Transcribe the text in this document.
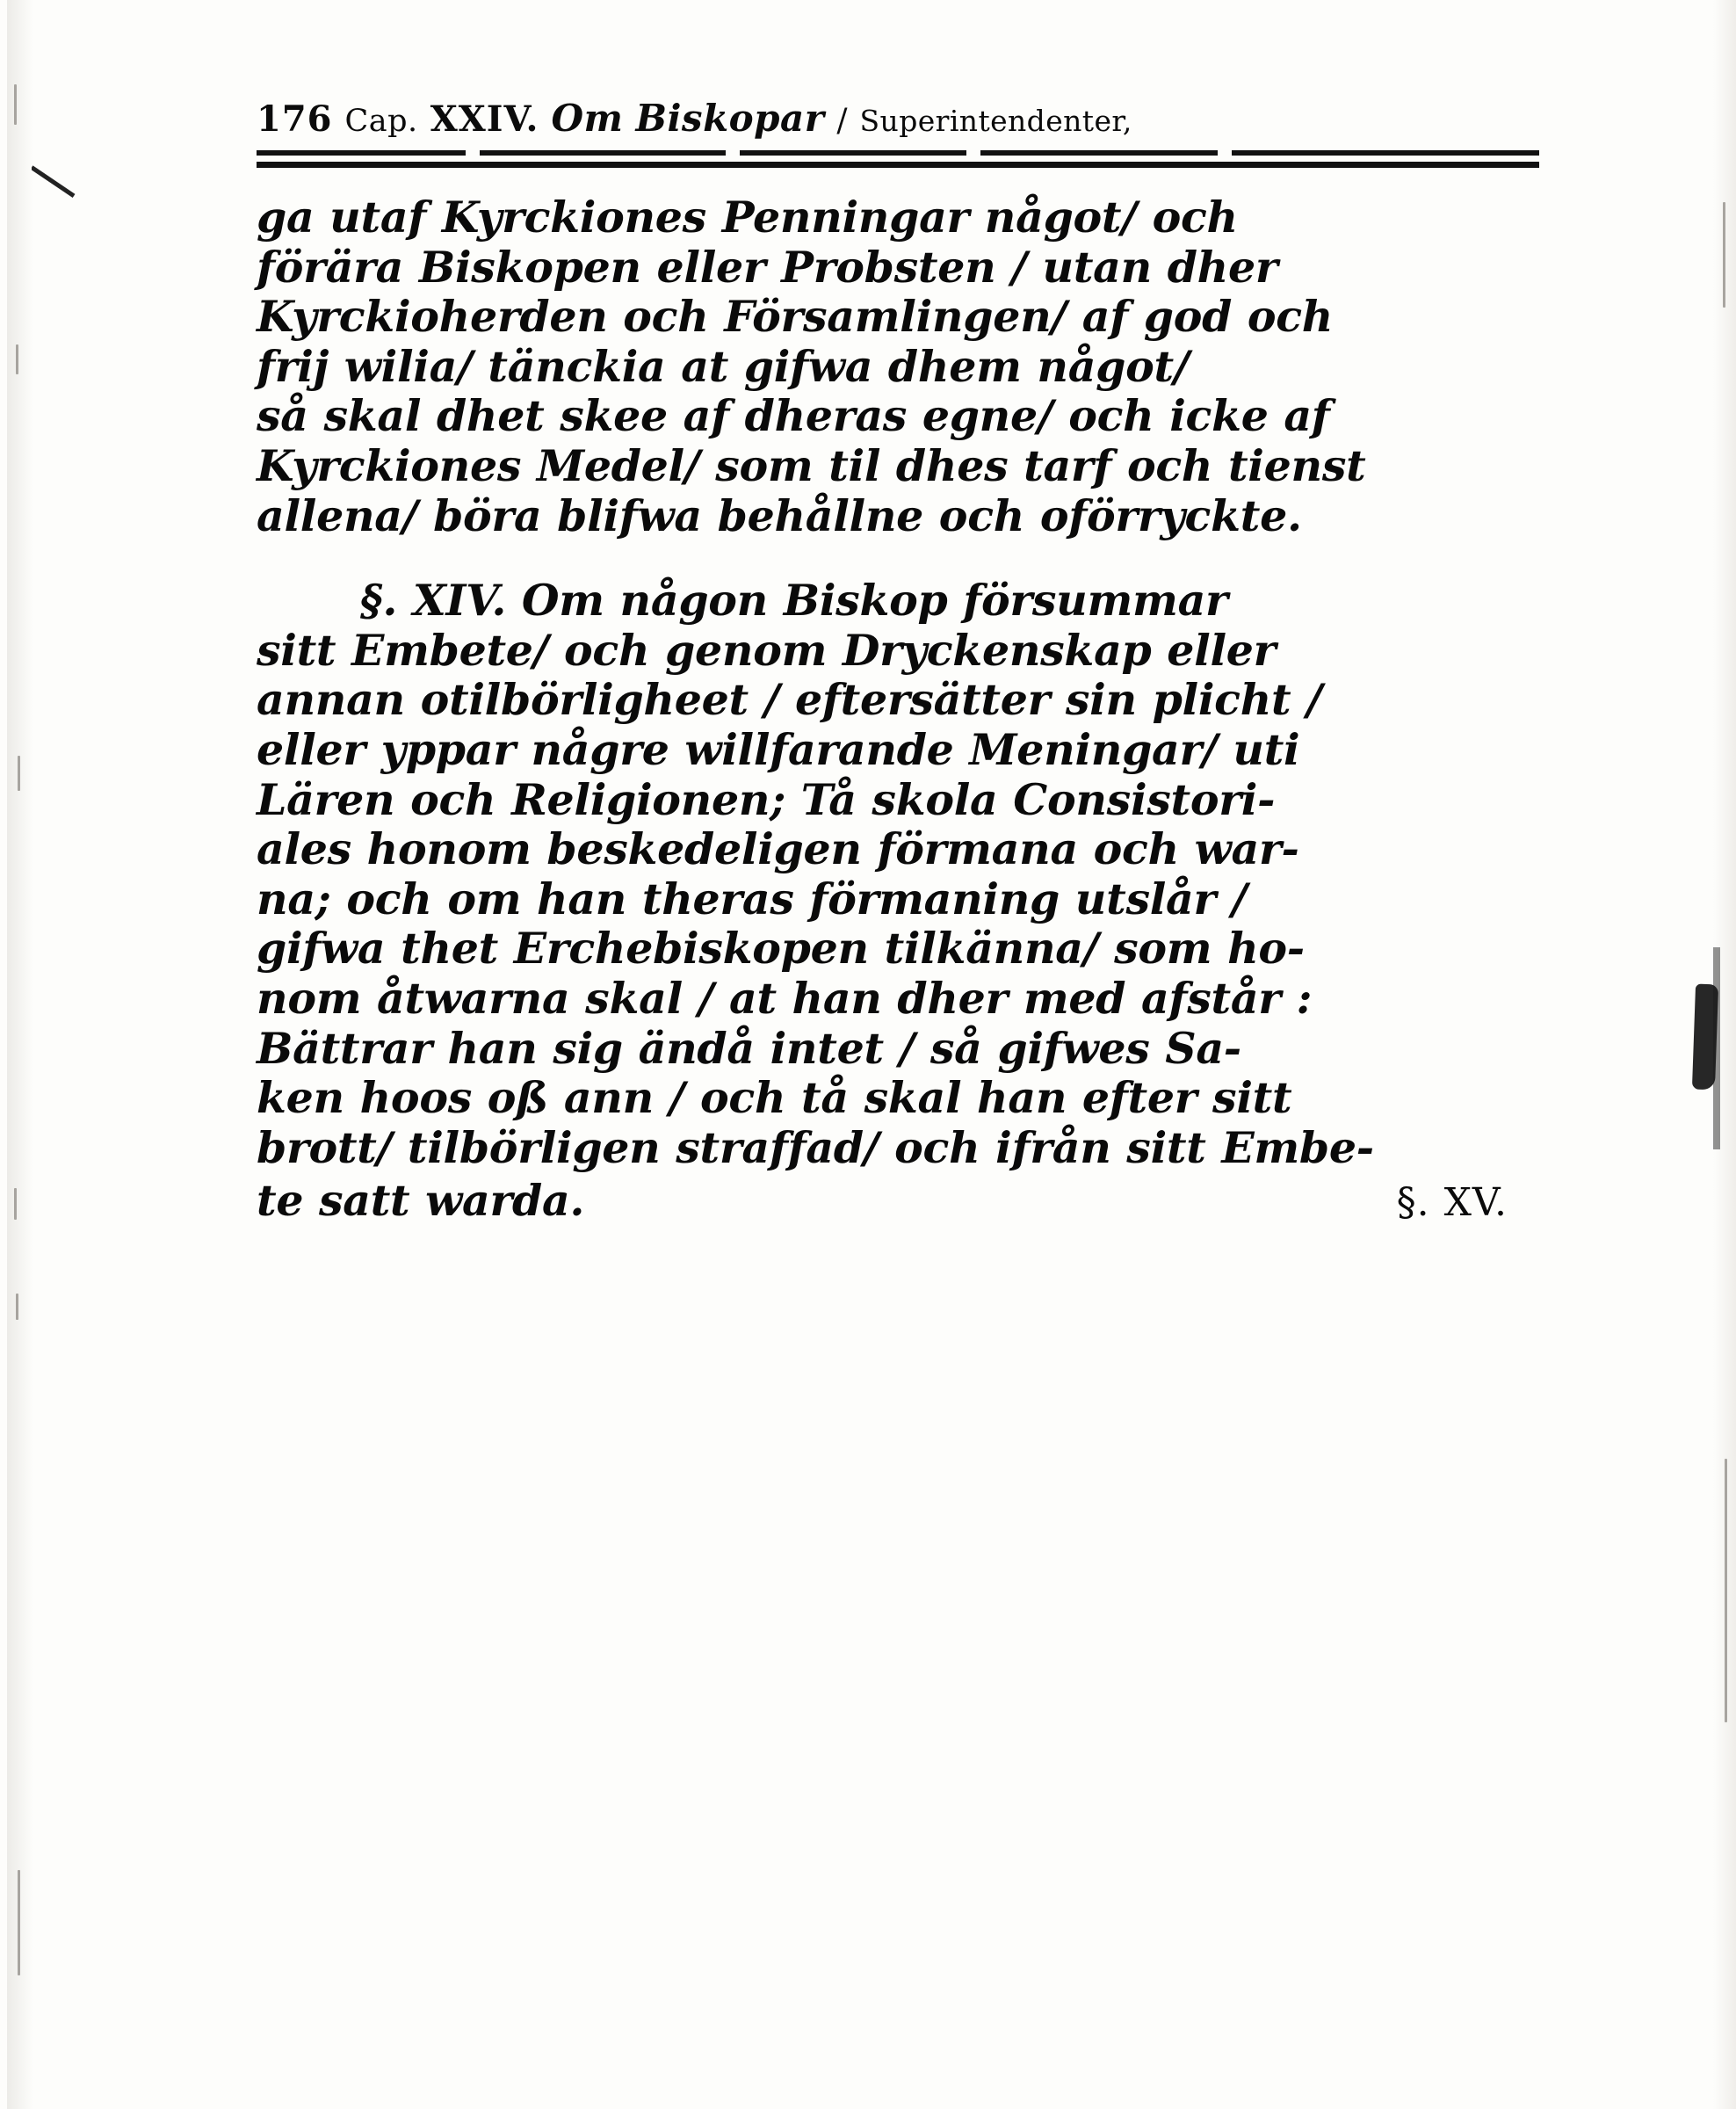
176 Cap. XXIV. Om Biskopar / Superintendenter,

ga utaf Kyrckiones Penningar något/ och
förära Biskopen eller Probsten / utan dher
Kyrckioherden och Församlingen/ af god och
frij wilia/ tänckia at gifwa dhem något/
så skal dhet skee af dheras egne/ och icke af
Kyrckiones Medel/ som til dhes tarf och tienst
allena/ böra blifwa behållne och oförryckte.

§. XIV. Om någon Biskop försummar
sitt Embete/ och genom Dryckenskap eller
annan otilbörligheet / eftersätter sin plicht /
eller yppar någre willfarande Meningar/ uti
Lären och Religionen; Tå skola Consistori-
ales honom beskedeligen förmana och war-
na; och om han theras förmaning utslår /
gifwa thet Erchebiskopen tilkänna/ som ho-
nom åtwarna skal / at han dher med afstår :
Bättrar han sig ändå intet / så gifwes Sa-
ken hoos oß ann / och tå skal han efter sitt
brott/ tilbörligen straffad/ och ifrån sitt Embe-
te satt warda.	§. XV.
